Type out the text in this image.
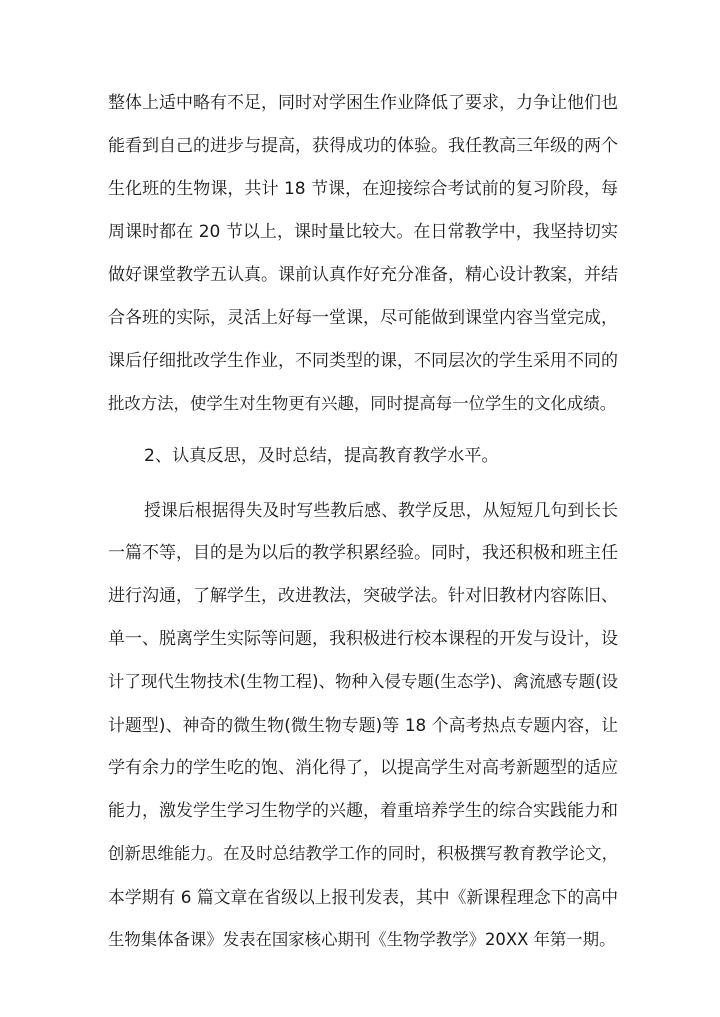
整体上适中略有不足，同时对学困生作业降低了要求，力争让他们也
能看到自己的进步与提高，获得成功的体验。我任教高三年级的两个
生化班的生物课，共计 18 节课，在迎接综合考试前的复习阶段，每
周课时都在 20 节以上，课时量比较大。在日常教学中，我坚持切实
做好课堂教学五认真。课前认真作好充分准备，精心设计教案，并结
合各班的实际，灵活上好每一堂课，尽可能做到课堂内容当堂完成，
课后仔细批改学生作业，不同类型的课，不同层次的学生采用不同的
批改方法，使学生对生物更有兴趣，同时提高每一位学生的文化成绩。
2、认真反思，及时总结，提高教育教学水平。
授课后根据得失及时写些教后感、教学反思，从短短几句到长长
一篇不等，目的是为以后的教学积累经验。同时，我还积极和班主任
进行沟通，了解学生，改进教法，突破学法。针对旧教材内容陈旧、
单一、脱离学生实际等问题，我积极进行校本课程的开发与设计，设
计了现代生物技术(生物工程)、物种入侵专题(生态学)、禽流感专题(设
计题型)、神奇的微生物(微生物专题)等 18 个高考热点专题内容，让
学有余力的学生吃的饱、消化得了，以提高学生对高考新题型的适应
能力，激发学生学习生物学的兴趣，着重培养学生的综合实践能力和
创新思维能力。在及时总结教学工作的同时，积极撰写教育教学论文，
本学期有 6 篇文章在省级以上报刊发表，其中《新课程理念下的高中
生物集体备课》发表在国家核心期刊《生物学教学》20XX 年第一期。
